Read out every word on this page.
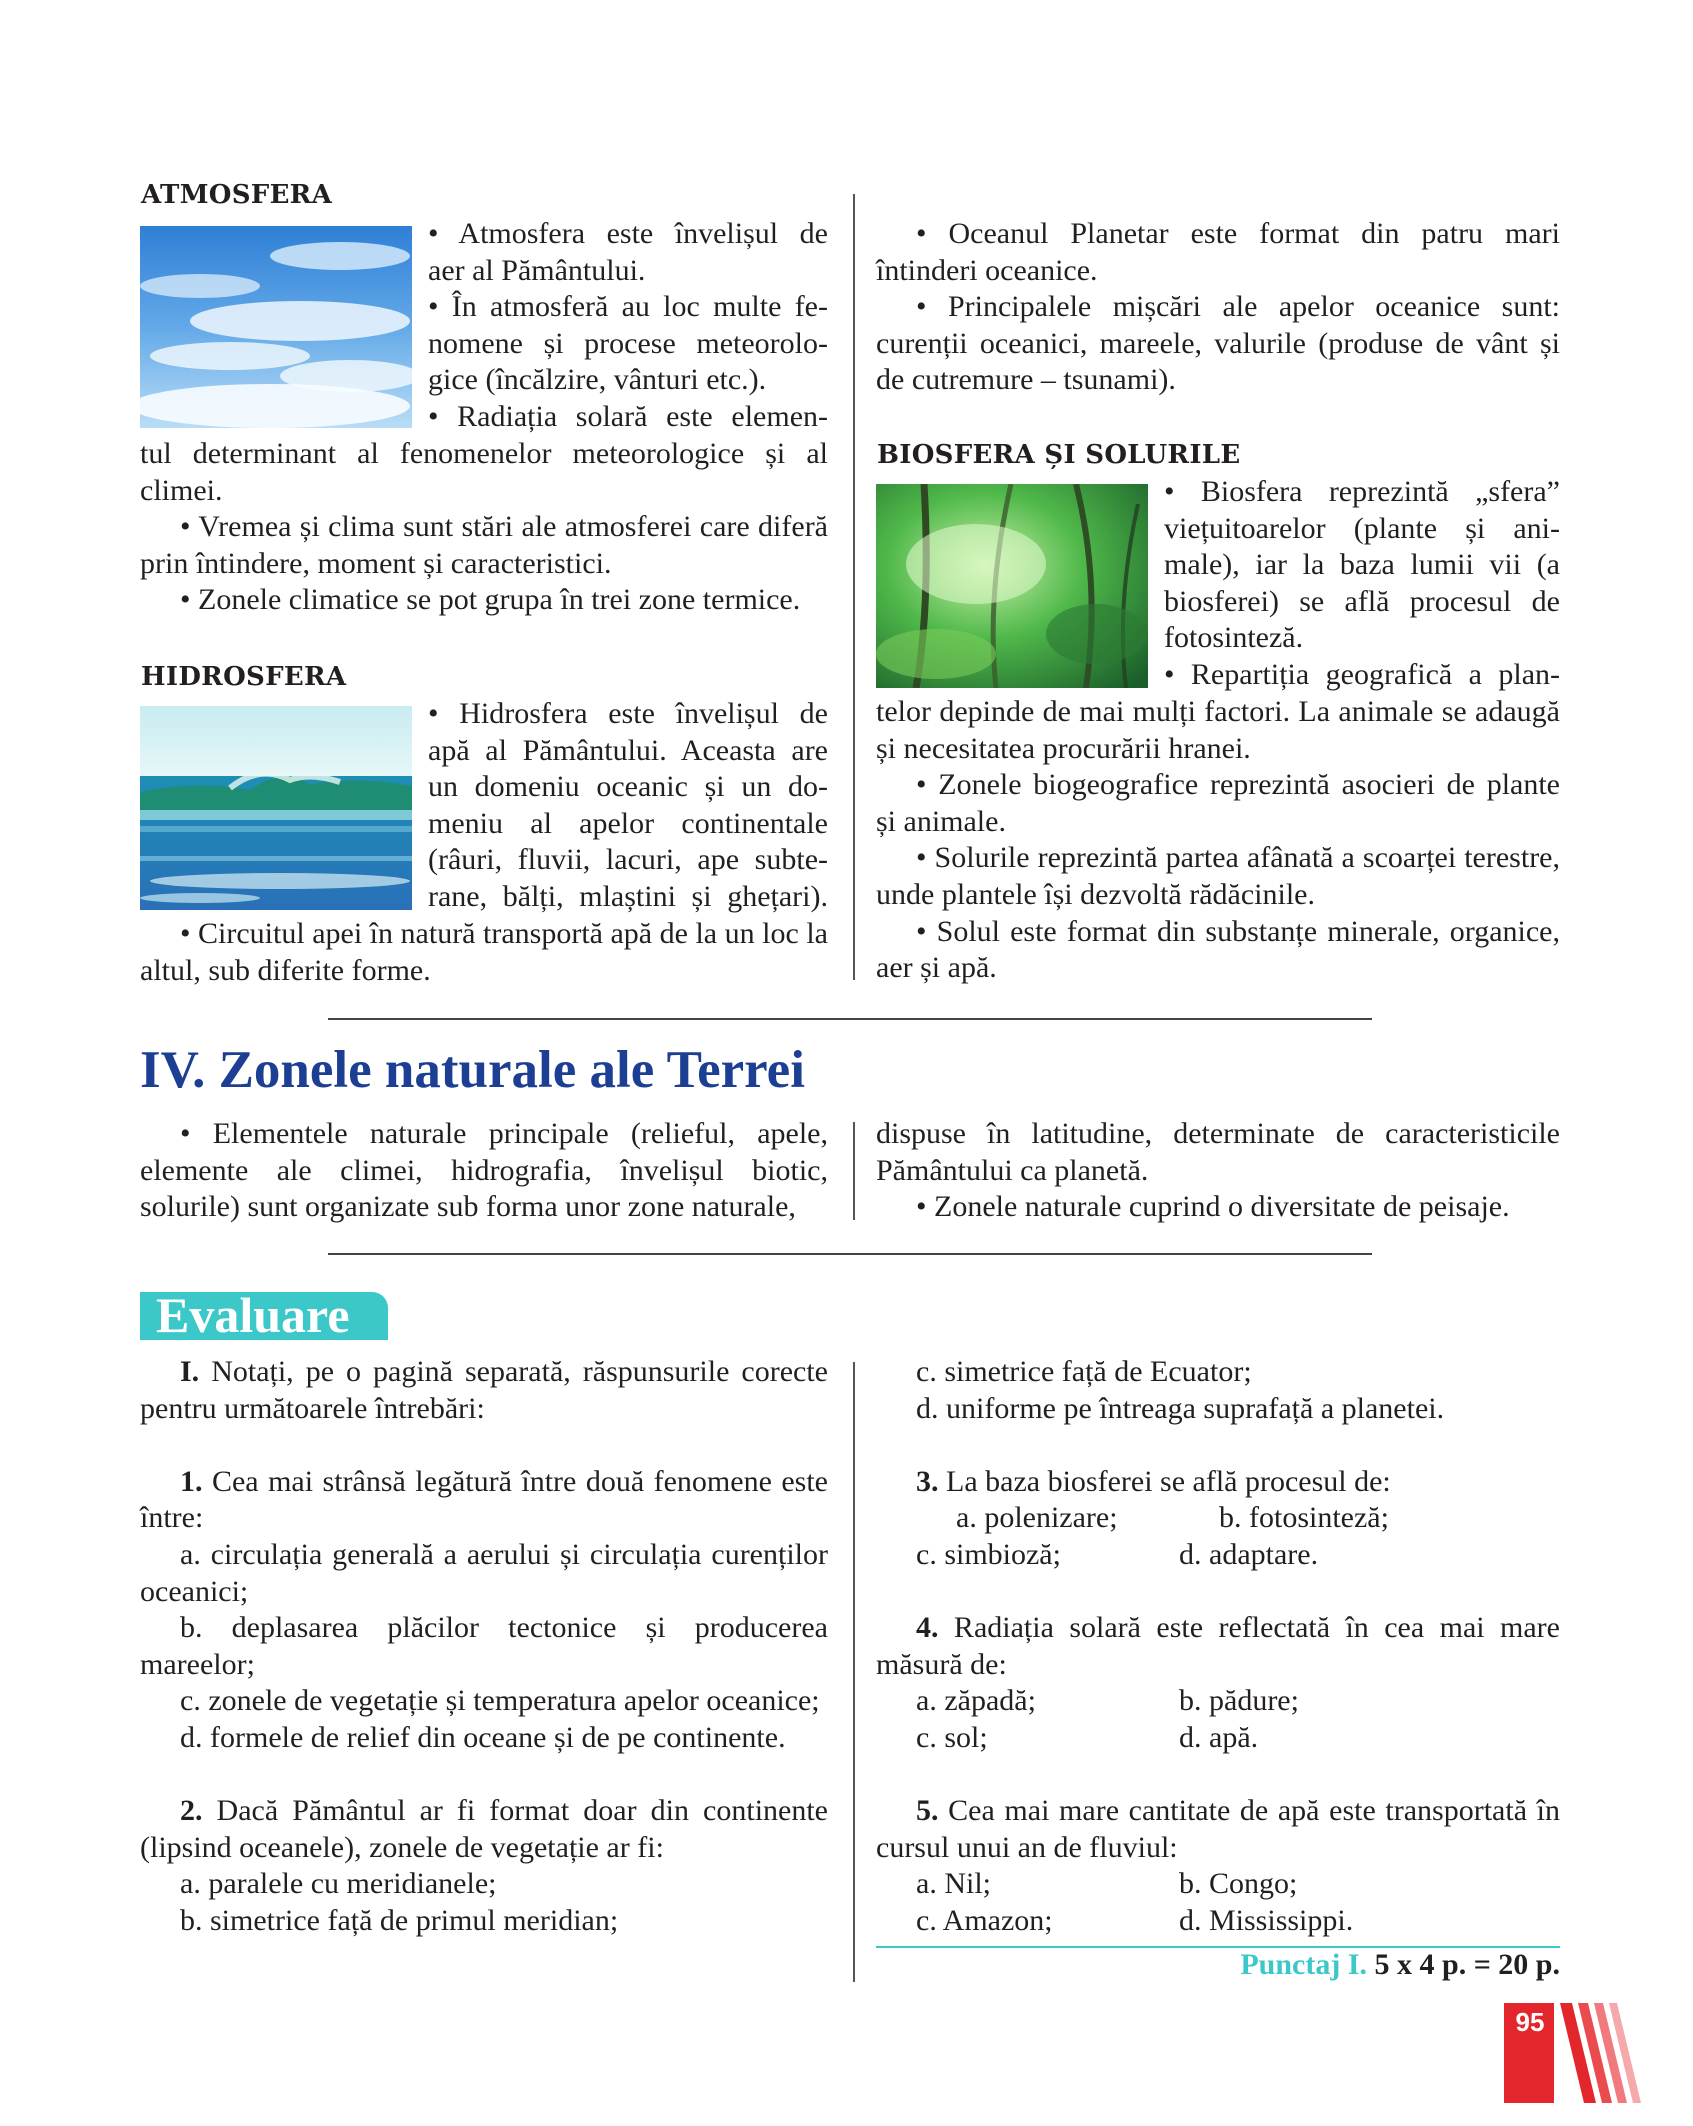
ATMOSFERA

• Atmosfera este învelișul de

aer al Pământului.

• În atmosferă au loc multe fe-

nomene și procese meteorolo-

gice (încălzire, vânturi etc.).

• Radiația solară este elemen-

tul determinant al fenomenelor meteorologice și al climei.

• Vremea și clima sunt stări ale atmosferei care diferă prin întindere, moment și caracteristici.

• Zonele climatice se pot grupa în trei zone termice.

HIDROSFERA

• Hidrosfera este învelișul de

apă al Pământului. Aceasta are

un domeniu oceanic și un do-

meniu al apelor continentale

(râuri, fluvii, lacuri, ape subte-

rane, bălți, mlaștini și ghețari).

• Circuitul apei în natură transportă apă de la un loc la altul, sub diferite forme.

• Oceanul Planetar este format din patru mari întinderi oceanice.

• Principalele mișcări ale apelor oceanice sunt: curenții oceanici, mareele, valurile (produse de vânt și de cutremure – tsunami).

BIOSFERA ȘI SOLURILE

• Biosfera reprezintă „sfera”

viețuitoarelor (plante și ani-

male), iar la baza lumii vii (a

biosferei) se află procesul de

fotosinteză.

• Repartiția geografică a plan-

telor depinde de mai mulți factori. La animale se adaugă și necesitatea procurării hranei.

• Zonele biogeografice reprezintă asocieri de plante și animale.

• Solurile reprezintă partea afânată a scoarței terestre, unde plantele își dezvoltă rădăcinile.

• Solul este format din substanțe minerale, organice, aer și apă.

IV. Zonele naturale ale Terrei

• Elementele naturale principale (relieful, apele, elemente ale climei, hidrografia, învelișul biotic, solurile) sunt organizate sub forma unor zone naturale,

dispuse în latitudine, determinate de caracteristicile Pământului ca planetă.

• Zonele naturale cuprind o diversitate de peisaje.

Evaluare

I. Notați, pe o pagină separată, răspunsurile corecte pentru următoarele întrebări:

1. Cea mai strânsă legătură între două fenomene este între:

a. circulația generală a aerului și circulația curenților oceanici;

b. deplasarea plăcilor tectonice și producerea mareelor;

c. zonele de vegetație și temperatura apelor oceanice;

d. formele de relief din oceane și de pe continente.

2. Dacă Pământul ar fi format doar din continente (lipsind oceanele), zonele de vegetație ar fi:

a. paralele cu meridianele;

b. simetrice față de primul meridian;

c. simetrice față de Ecuator;

d. uniforme pe întreaga suprafață a planetei.

3. La baza biosferei se află procesul de:

a. polenizare;	b. fotosinteză;
c. simbioză;	d. adaptare.

4. Radiația solară este reflectată în cea mai mare măsură de:

a. zăpadă;	b. pădure;
c. sol;	d. apă.

5. Cea mai mare cantitate de apă este transportată în cursul unui an de fluviul:

a. Nil;	b. Congo;
c. Amazon;	d. Mississippi.
Punctaj I. 5 x 4 p. = 20 p.
95
